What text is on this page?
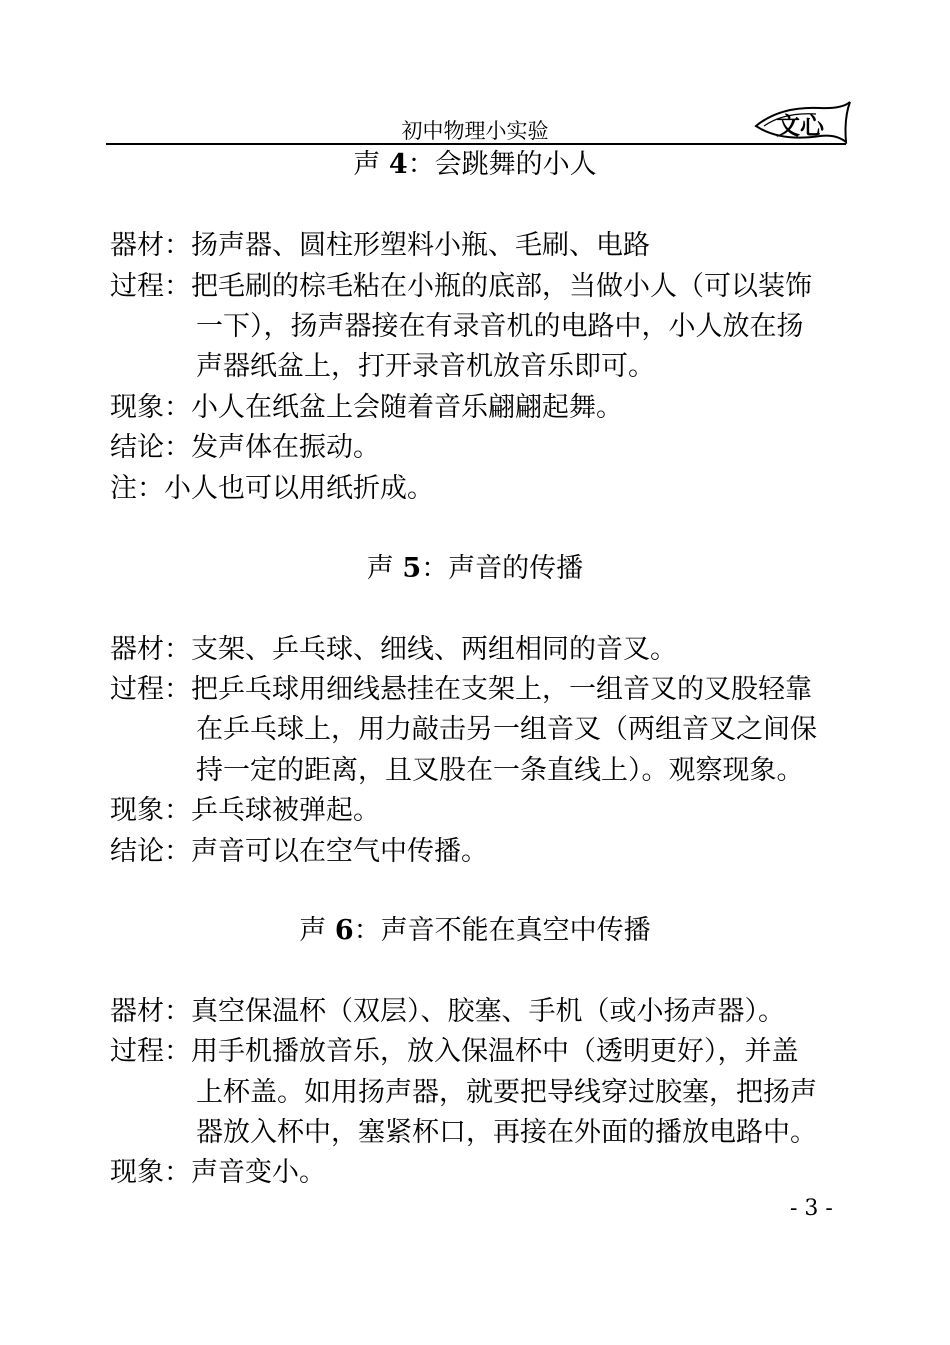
初中物理小实验	文心
声 4：会跳舞的小人
器材：扬声器、圆柱形塑料小瓶、毛刷、电路
过程：把毛刷的棕毛粘在小瓶的底部，当做小人（可以装饰
一下），扬声器接在有录音机的电路中，小人放在扬
声器纸盆上，打开录音机放音乐即可。
现象：小人在纸盆上会随着音乐翩翩起舞。
结论：发声体在振动。
注：小人也可以用纸折成。
声 5：声音的传播
器材：支架、乒乓球、细线、两组相同的音叉。
过程：把乒乓球用细线悬挂在支架上，一组音叉的叉股轻靠
在乒乓球上，用力敲击另一组音叉（两组音叉之间保
持一定的距离，且叉股在一条直线上）。观察现象。
现象：乒乓球被弹起。
结论：声音可以在空气中传播。
声 6：声音不能在真空中传播
器材：真空保温杯（双层）、胶塞、手机（或小扬声器）。
过程：用手机播放音乐，放入保温杯中（透明更好），并盖
上杯盖。如用扬声器，就要把导线穿过胶塞，把扬声
器放入杯中，塞紧杯口，再接在外面的播放电路中。
现象：声音变小。
- 3 -
